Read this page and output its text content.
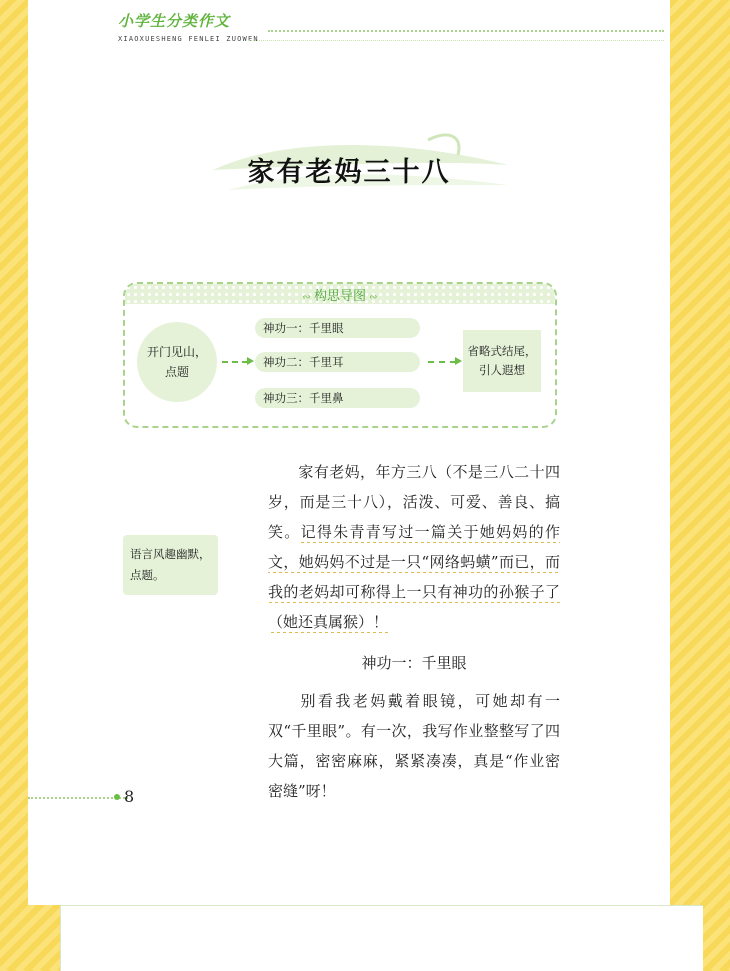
小学生分类作文
XIAOXUESHENG FENLEI ZUOWEN
家有老妈三十八
∾ 构思导图 ∾
开门见山，
点题
神功一：千里眼
神功二：千里耳
神功三：千里鼻
省略式结尾，
引人遐想
语言风趣幽默，
点题。
家有老妈，年方三八（不是三八二十四岁，而是三十八），活泼、可爱、善良、搞笑。记得朱青青写过一篇关于她妈妈的作文，她妈妈不过是一只“网络蚂蟥”而已，而我的老妈却可称得上一只有神功的孙猴子了（她还真属猴）！
神功一：千里眼
别看我老妈戴着眼镜，可她却有一双“千里眼”。有一次，我写作业整整写了四大篇，密密麻麻，紧紧凑凑，真是“作业密密缝”呀！
8
